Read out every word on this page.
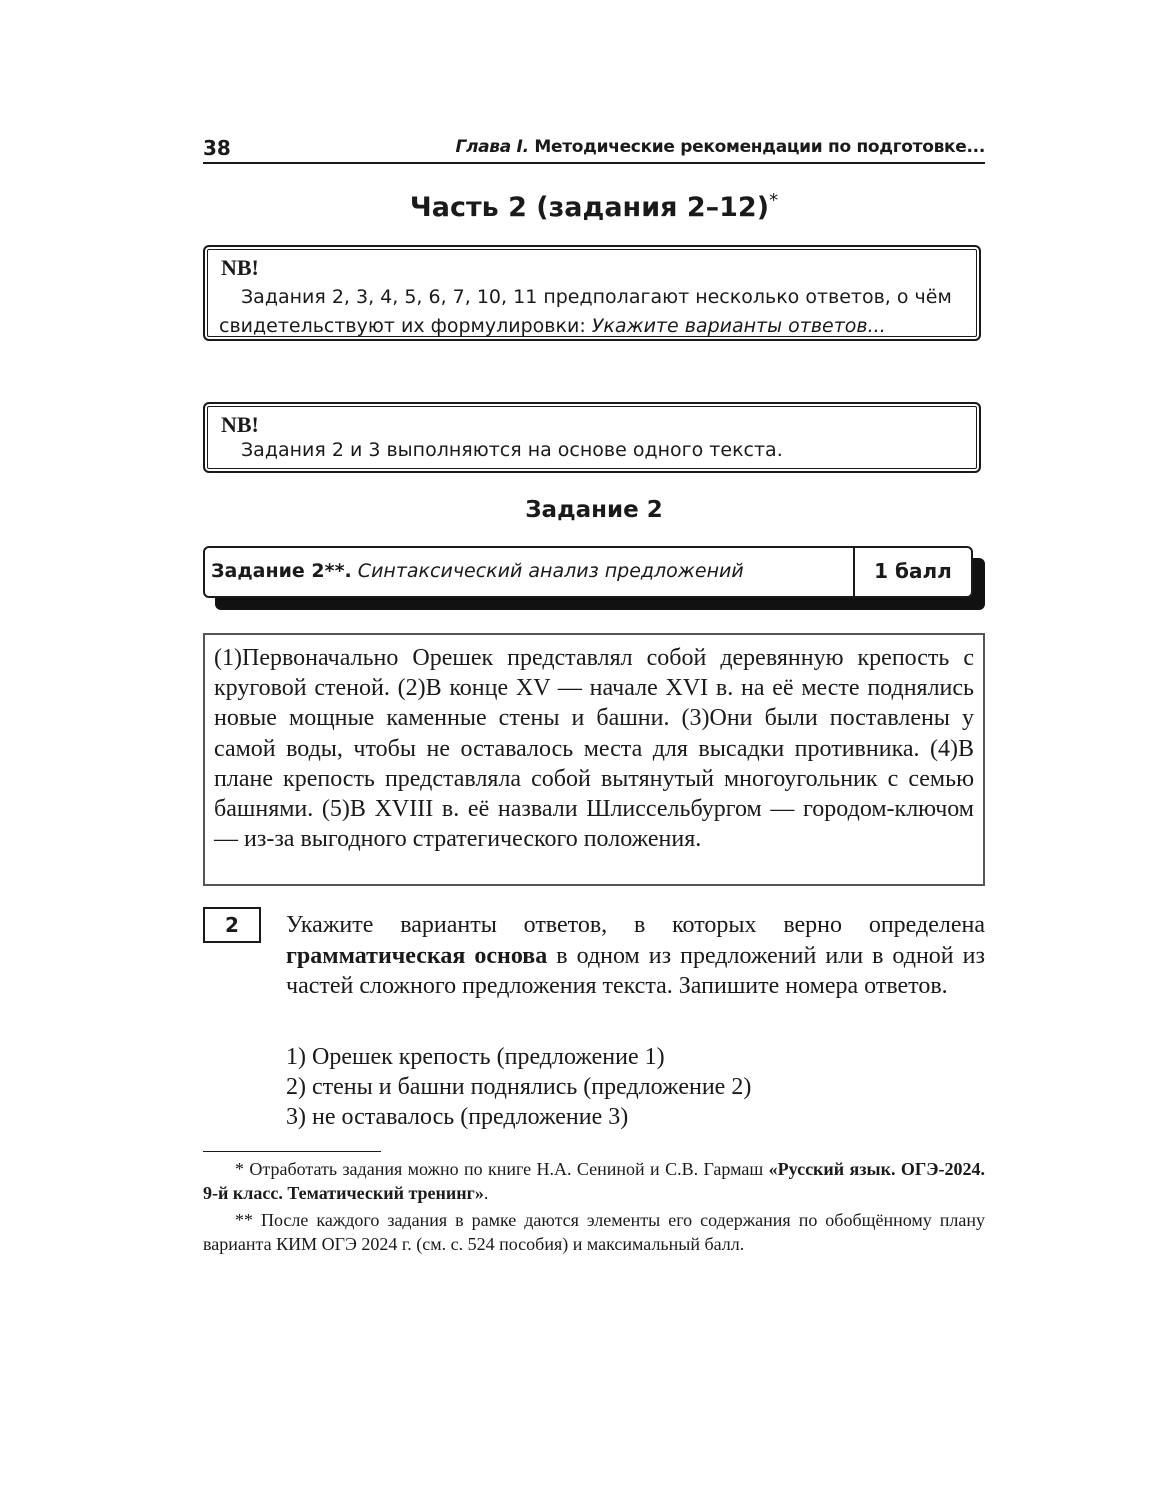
38	Глава I. Методические рекомендации по подготовке...
Часть 2 (задания 2–12)*
NB!
Задания 2, 3, 4, 5, 6, 7, 10, 11 предполагают несколько ответов, о чём свидетельствуют их формулировки: Укажите варианты ответов...
NB!
Задания 2 и 3 выполняются на основе одного текста.
Задание 2
Задание 2**. Синтаксический анализ предложений	1 балл
(1)Первоначально Орешек представлял собой деревянную крепость с круговой стеной. (2)В конце XV — начале XVI в. на её месте поднялись новые мощные каменные стены и башни. (3)Они были поставлены у самой воды, чтобы не оставалось места для высадки противника. (4)В плане крепость представляла собой вытянутый многоугольник с семью башнями. (5)В XVIII в. её назвали Шлиссельбургом — городом-ключом — из-за выгодного стратегического положения.
2	Укажите варианты ответов, в которых верно определена грамматическая основа в одном из предложений или в одной из частей сложного предложения текста. Запишите номера ответов.
1) Орешек крепость (предложение 1)
2) стены и башни поднялись (предложение 2)
3) не оставалось (предложение 3)

* Отработать задания можно по книге Н.А. Сениной и С.В. Гармаш «Русский язык. ОГЭ-2024. 9-й класс. Тематический тренинг».

** После каждого задания в рамке даются элементы его содержания по обобщённому плану варианта КИМ ОГЭ 2024 г. (см. с. 524 пособия) и максимальный балл.
